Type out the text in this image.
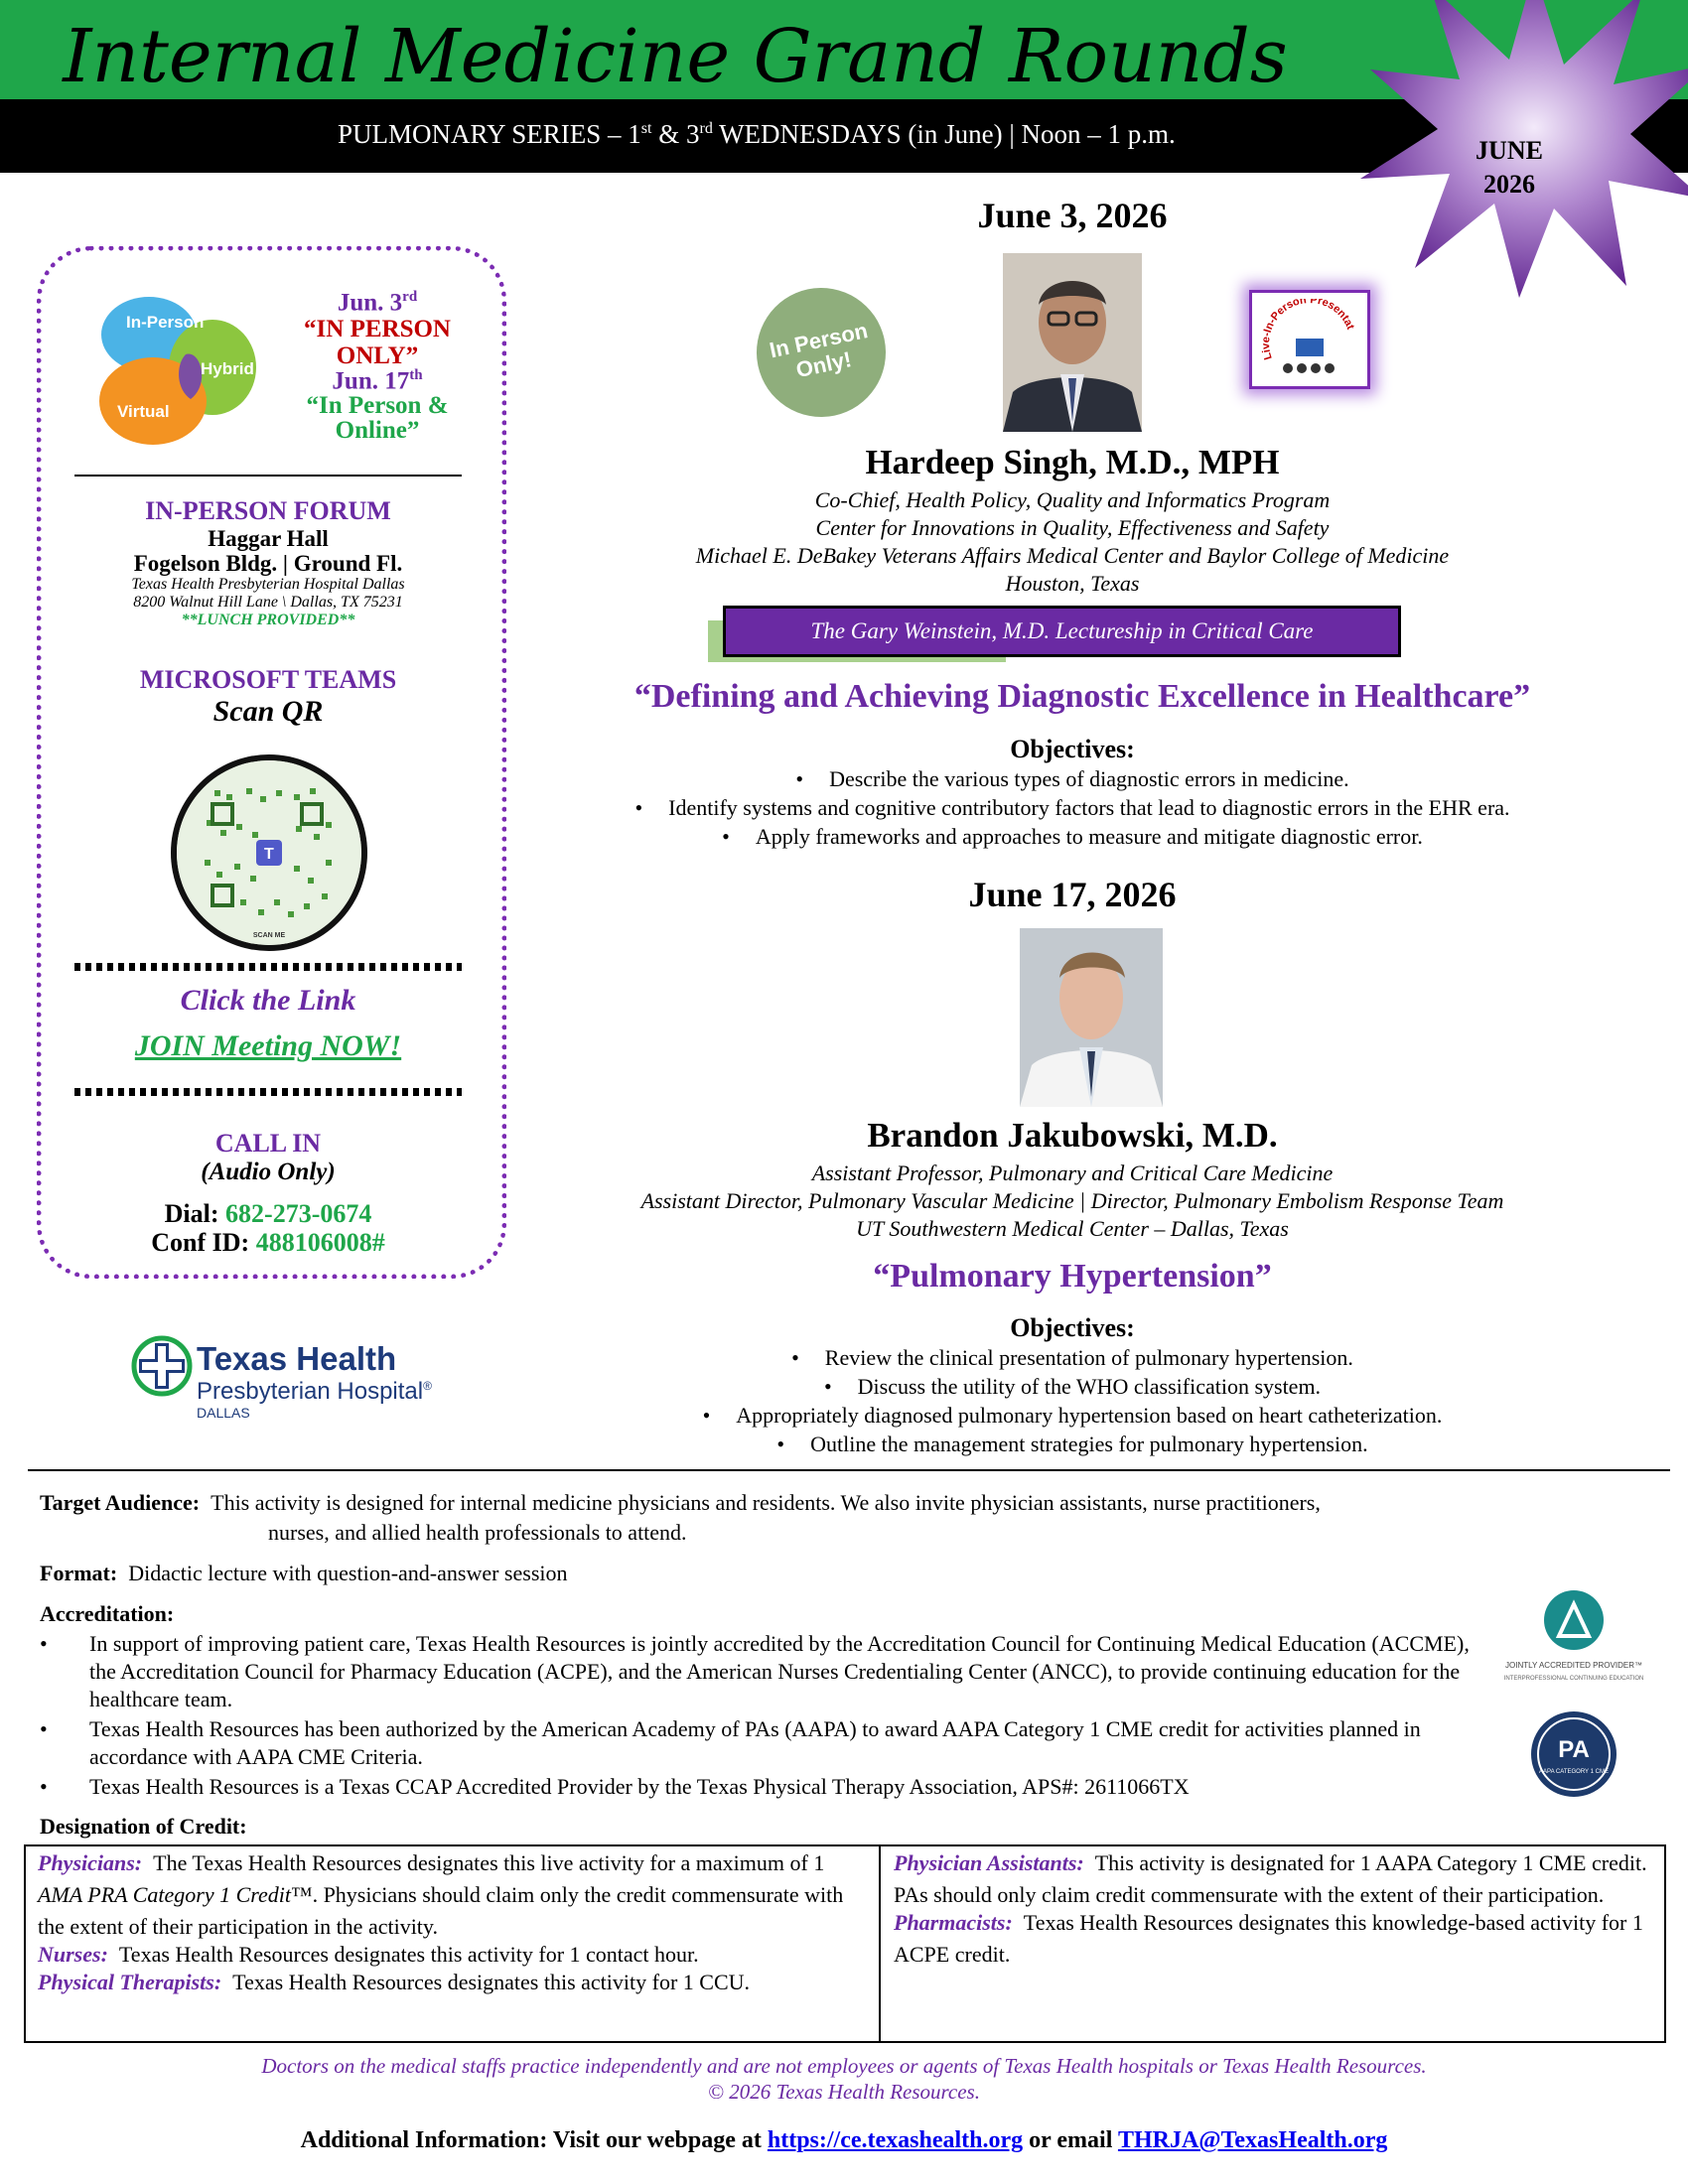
Internal Medicine Grand Rounds
PULMONARY SERIES – 1st & 3rd WEDNESDAYS (in June) | Noon – 1 p.m.
JUNE
2026
In-Person
Hybrid
Virtual
Jun. 3rd
“IN PERSON ONLY”
Jun. 17th
“In Person & Online”
IN-PERSON FORUM
Haggar Hall
Fogelson Bldg. | Ground Fl.
Texas Health Presbyterian Hospital Dallas
8200 Walnut Hill Lane \ Dallas, TX 75231
**LUNCH PROVIDED**
MICROSOFT TEAMS
Scan QR
T
SCAN ME
Click the Link
JOIN Meeting NOW!
CALL IN
(Audio Only)
Dial: 682-273-0674
Conf ID: 488106008#
Texas Health
Presbyterian Hospital®
DALLAS
June 3, 2026
In Person Only!	Live-In-Person Presentat
Hardeep Singh, M.D., MPH
Co-Chief, Health Policy, Quality and Informatics Program
Center for Innovations in Quality, Effectiveness and Safety
Michael E. DeBakey Veterans Affairs Medical Center and Baylor College of Medicine
Houston, Texas
The Gary Weinstein, M.D. Lectureship in Critical Care
“Defining and Achieving Diagnostic Excellence in Healthcare”
Objectives:
• Describe the various types of diagnostic errors in medicine.
• Identify systems and cognitive contributory factors that lead to diagnostic errors in the EHR era.
• Apply frameworks and approaches to measure and mitigate diagnostic error.
June 17, 2026
Brandon Jakubowski, M.D.
Assistant Professor, Pulmonary and Critical Care Medicine
Assistant Director, Pulmonary Vascular Medicine | Director, Pulmonary Embolism Response Team
UT Southwestern Medical Center – Dallas, Texas
“Pulmonary Hypertension”
Objectives:
• Review the clinical presentation of pulmonary hypertension.
• Discuss the utility of the WHO classification system.
• Appropriately diagnosed pulmonary hypertension based on heart catheterization.
• Outline the management strategies for pulmonary hypertension.
Target Audience: This activity is designed for internal medicine physicians and residents. We also invite physician assistants, nurse practitioners,
nurses, and allied health professionals to attend.
Format: Didactic lecture with question-and-answer session
Accreditation:
• In support of improving patient care, Texas Health Resources is jointly accredited by the Accreditation Council for Continuing Medical Education (ACCME), the Accreditation Council for Pharmacy Education (ACPE), and the American Nurses Credentialing Center (ANCC), to provide continuing education for the healthcare team.
• Texas Health Resources has been authorized by the American Academy of PAs (AAPA) to award AAPA Category 1 CME credit for activities planned in accordance with AAPA CME Criteria.
• Texas Health Resources is a Texas CCAP Accredited Provider by the Texas Physical Therapy Association, APS#: 2611066TX
JOINTLY ACCREDITED PROVIDER™
INTERPROFESSIONAL CONTINUING EDUCATION
PA
AAPA CATEGORY 1 CME
Designation of Credit:
Physicians: The Texas Health Resources designates this live activity for a maximum of 1 AMA PRA Category 1 Credit™. Physicians should claim only the credit commensurate with the extent of their participation in the activity.
Nurses: Texas Health Resources designates this activity for 1 contact hour.
Physical Therapists: Texas Health Resources designates this activity for 1 CCU.
Physician Assistants: This activity is designated for 1 AAPA Category 1 CME credit. PAs should only claim credit commensurate with the extent of their participation.
Pharmacists: Texas Health Resources designates this knowledge-based activity for 1 ACPE credit.
Doctors on the medical staffs practice independently and are not employees or agents of Texas Health hospitals or Texas Health Resources.
© 2026 Texas Health Resources.
Additional Information: Visit our webpage at https://ce.texashealth.org or email THRJA@TexasHealth.org
